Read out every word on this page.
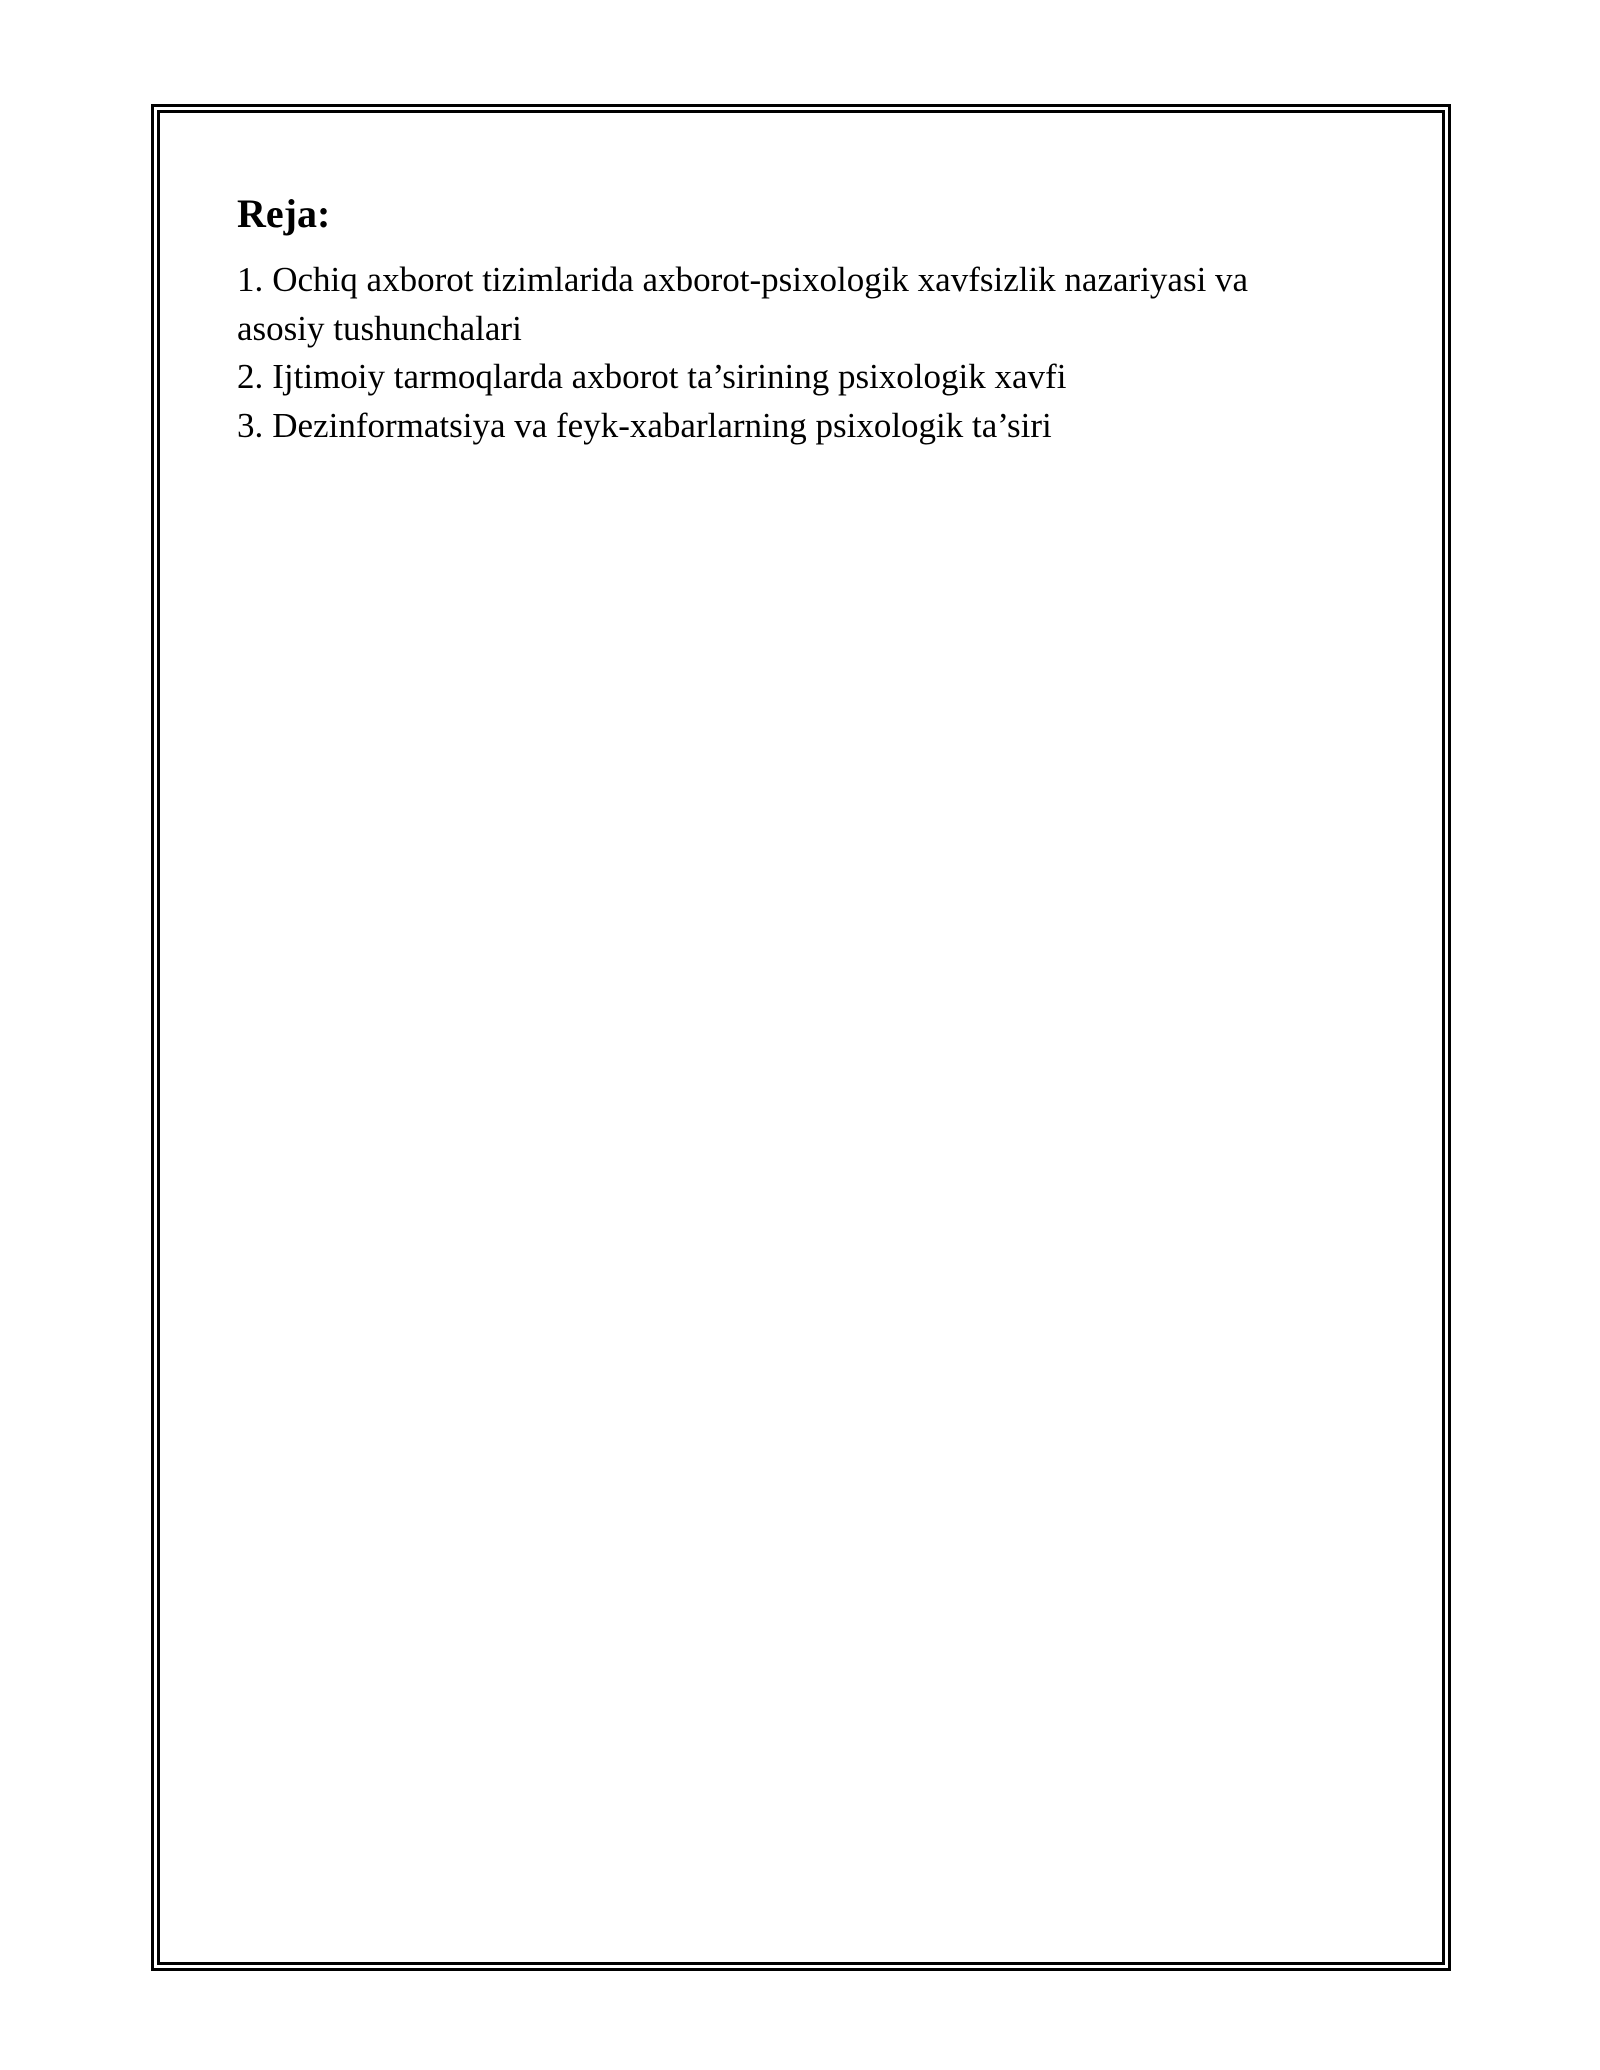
Reja:
1. Ochiq axborot tizimlarida axborot-psixologik xavfsizlik nazariyasi va asosiy tushunchalari
2. Ijtimoiy tarmoqlarda axborot ta’sirining psixologik xavfi
3. Dezinformatsiya va feyk-xabarlarning psixologik ta’siri
